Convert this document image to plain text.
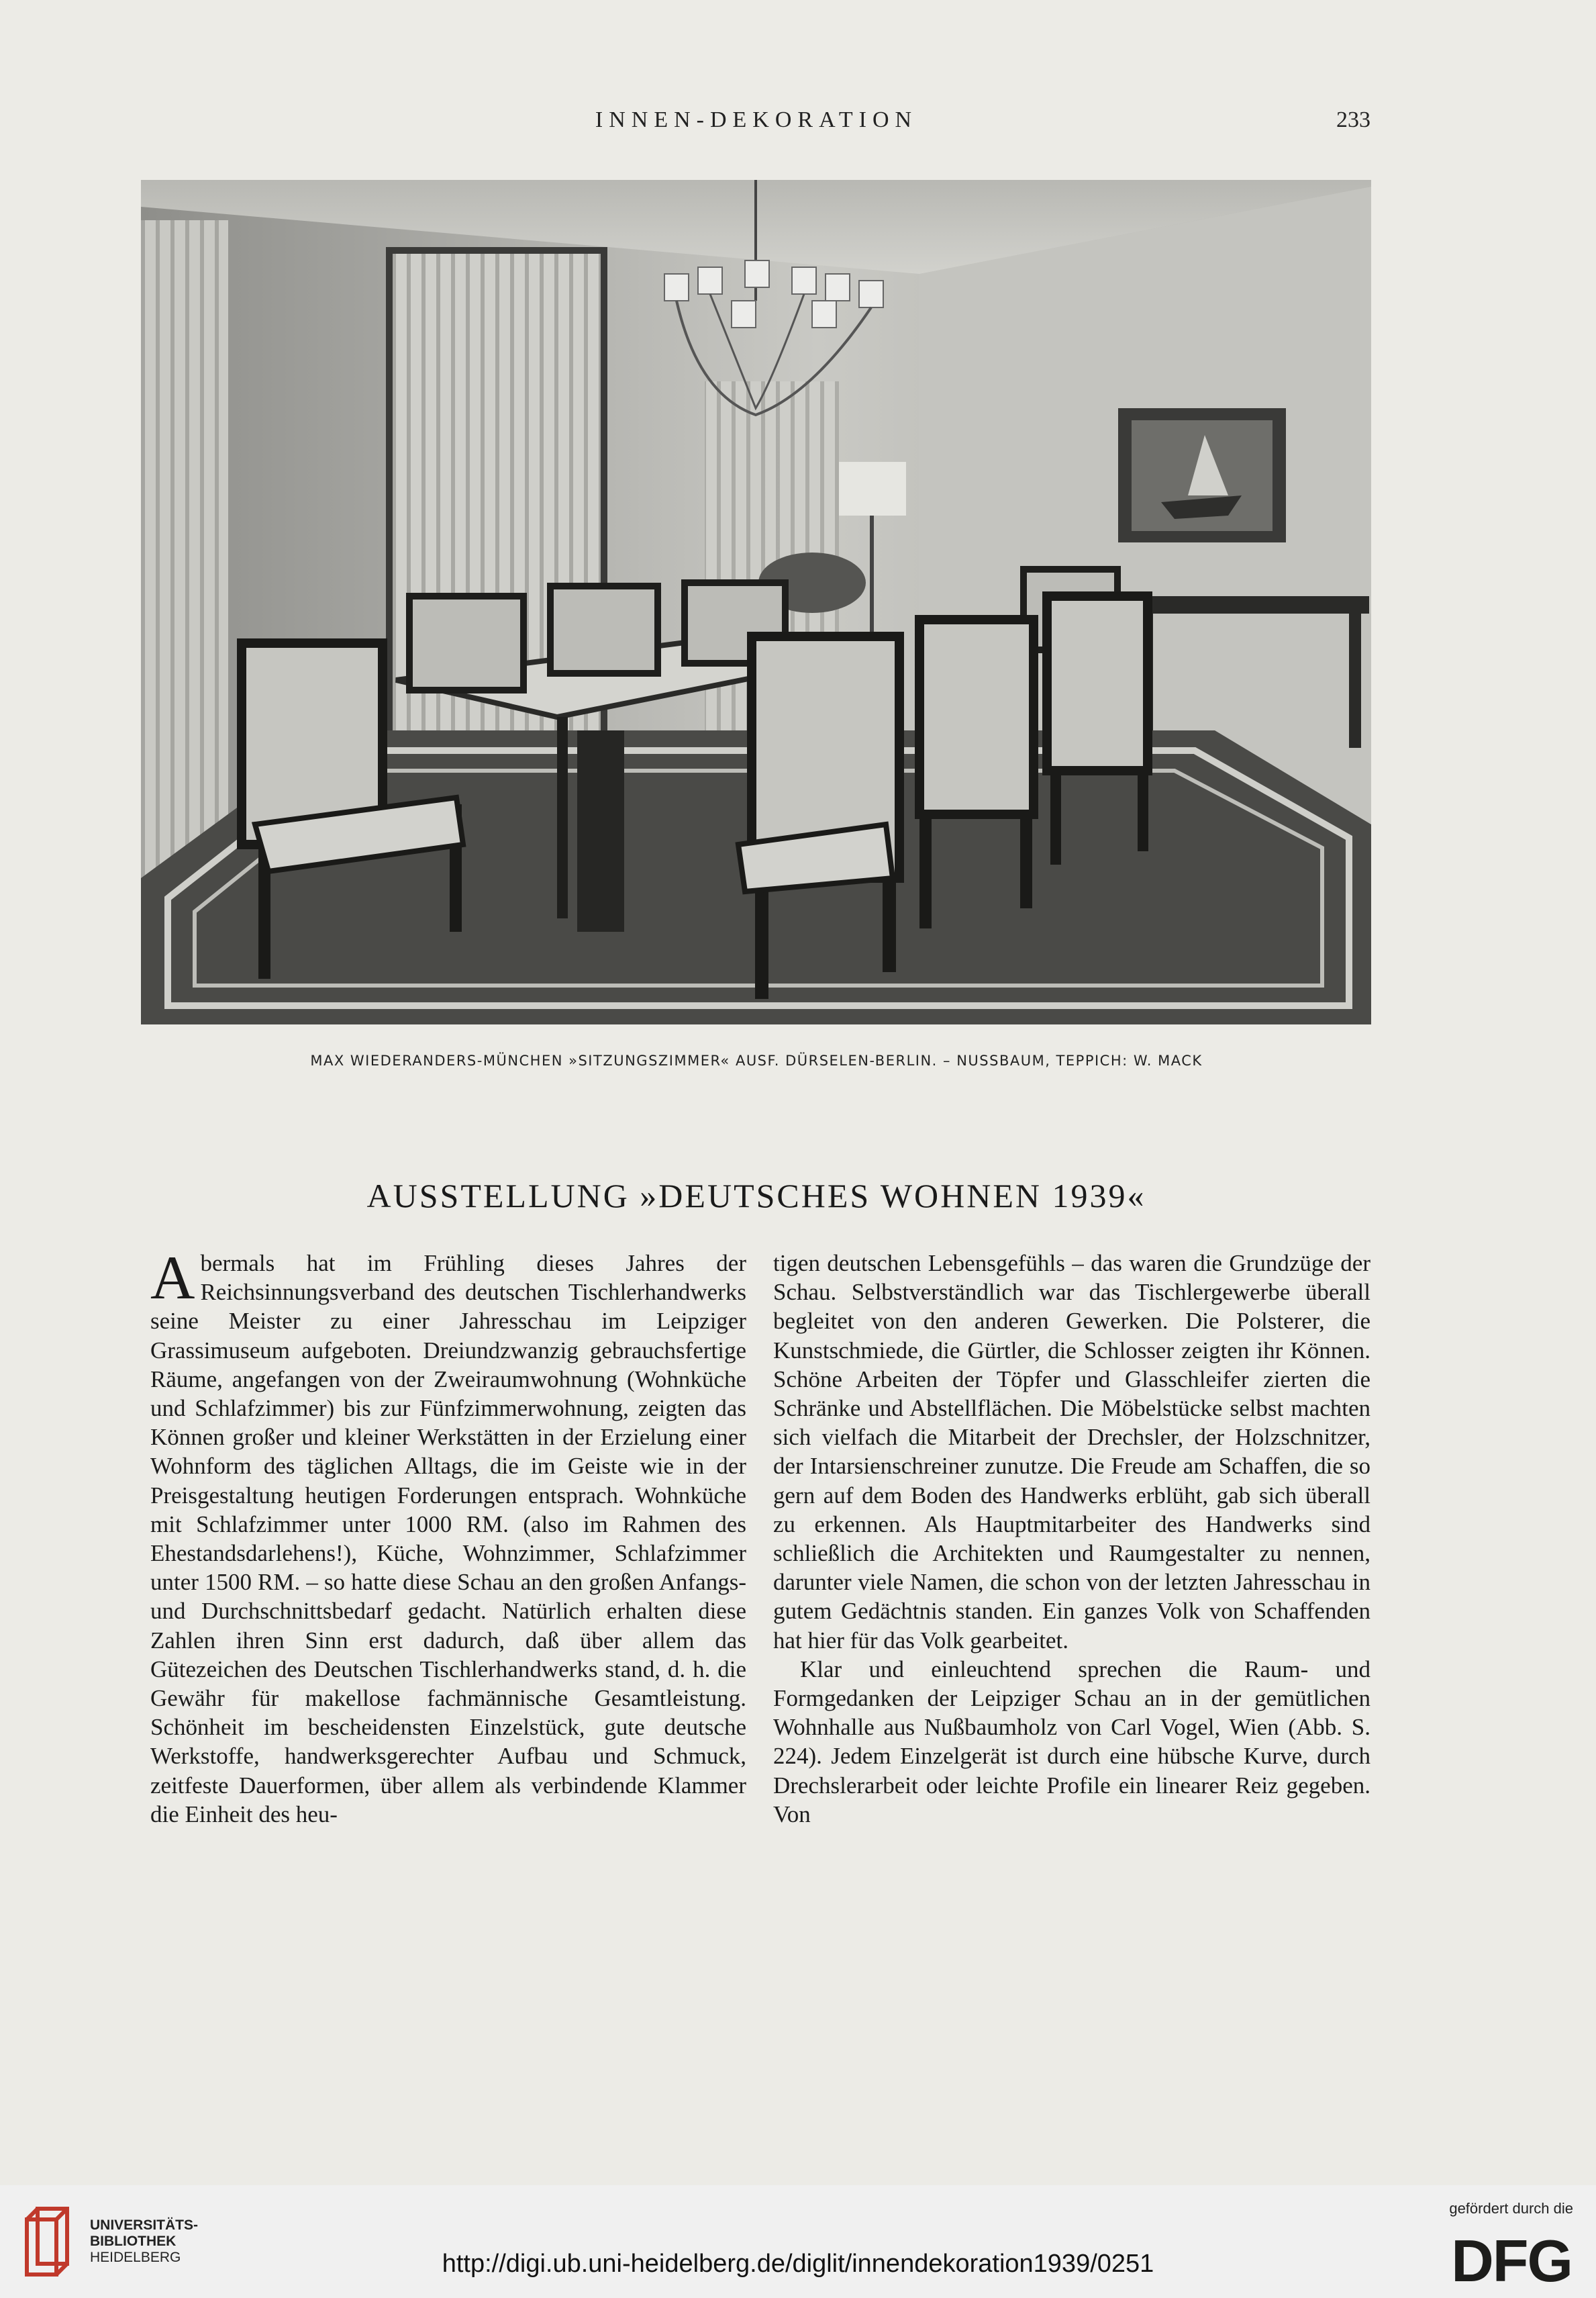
INNEN-DEKORATION	233
MAX WIEDERANDERS-MÜNCHEN »SITZUNGSZIMMER« AUSF. DÜRSELEN-BERLIN. – NUSSBAUM, TEPPICH: W. MACK
AUSSTELLUNG »DEUTSCHES WOHNEN 1939«

Abermals hat im Frühling dieses Jahres der Reichsinnungsverband des deutschen Tischlerhandwerks seine Meister zu einer Jahresschau im Leipziger Grassimuseum aufgeboten. Dreiundzwanzig gebrauchsfertige Räume, angefangen von der Zweiraumwohnung (Wohnküche und Schlafzimmer) bis zur Fünfzimmerwohnung, zeigten das Können großer und kleiner Werkstätten in der Erzielung einer Wohnform des täglichen Alltags, die im Geiste wie in der Preisgestaltung heutigen Forderungen entsprach. Wohnküche mit Schlafzimmer unter 1000 RM. (also im Rahmen des Ehestandsdarlehens!), Küche, Wohnzimmer, Schlafzimmer unter 1500 RM. – so hatte diese Schau an den großen Anfangs- und Durchschnittsbedarf gedacht. Natürlich erhalten diese Zahlen ihren Sinn erst dadurch, daß über allem das Gütezeichen des Deutschen Tischlerhandwerks stand, d. h. die Gewähr für makellose fachmännische Gesamtleistung. Schönheit im bescheidensten Einzelstück, gute deutsche Werkstoffe, handwerksgerechter Aufbau und Schmuck, zeitfeste Dauerformen, über allem als verbindende Klammer die Einheit des heu-

tigen deutschen Lebensgefühls – das waren die Grundzüge der Schau. Selbstverständlich war das Tischlergewerbe überall begleitet von den anderen Gewerken. Die Polsterer, die Kunstschmiede, die Gürtler, die Schlosser zeigten ihr Können. Schöne Arbeiten der Töpfer und Glasschleifer zierten die Schränke und Abstellflächen. Die Möbelstücke selbst machten sich vielfach die Mitarbeit der Drechsler, der Holzschnitzer, der Intarsienschreiner zunutze. Die Freude am Schaffen, die so gern auf dem Boden des Handwerks erblüht, gab sich überall zu erkennen. Als Hauptmitarbeiter des Handwerks sind schließlich die Architekten und Raumgestalter zu nennen, darunter viele Namen, die schon von der letzten Jahresschau in gutem Gedächtnis standen. Ein ganzes Volk von Schaffenden hat hier für das Volk gearbeitet.

Klar und einleuchtend sprechen die Raum- und Formgedanken der Leipziger Schau an in der gemütlichen Wohnhalle aus Nußbaumholz von Carl Vogel, Wien (Abb. S. 224). Jedem Einzelgerät ist durch eine hübsche Kurve, durch Drechslerarbeit oder leichte Profile ein linearer Reiz gegeben. Von

UNIVERSITÄTS-
BIBLIOTHEK
HEIDELBERG	http://digi.ub.uni-heidelberg.de/diglit/innendekoration1939/0251
gefördert durch die
DFG
